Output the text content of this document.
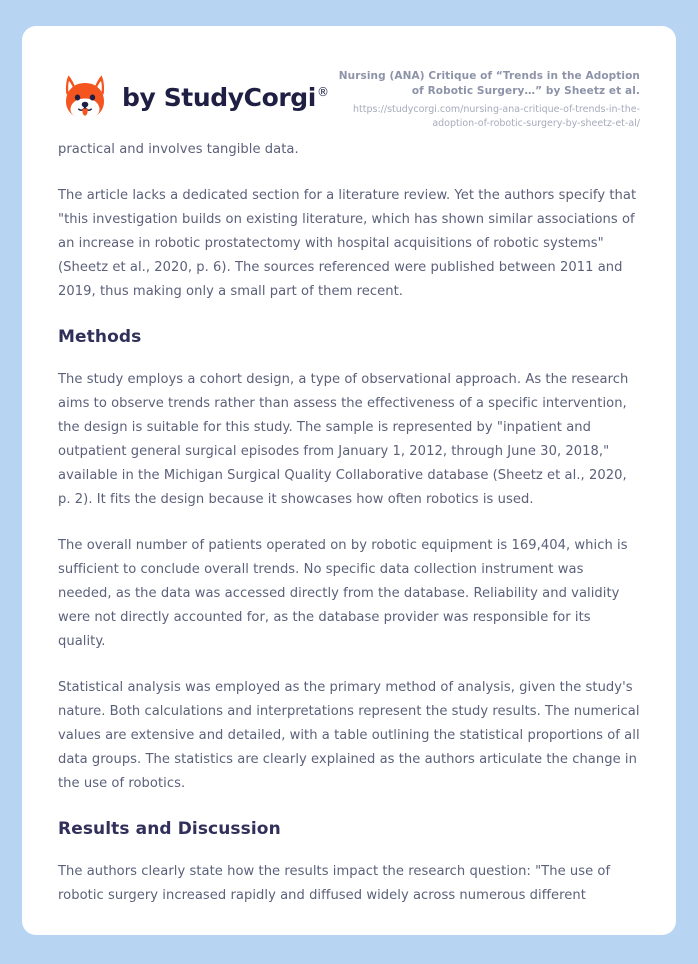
by StudyCorgi®
Nursing (ANA) Critique of “Trends in the Adoption of Robotic Surgery…” by Sheetz et al.
https://studycorgi.com/nursing-ana-critique-of-trends-in-the-adoption-of-robotic-surgery-by-sheetz-et-al/

practical and involves tangible data.

The article lacks a dedicated section for a literature review. Yet the authors specify that "this investigation builds on existing literature, which has shown similar associations of an increase in robotic prostatectomy with hospital acquisitions of robotic systems" (Sheetz et al., 2020, p. 6). The sources referenced were published between 2011 and 2019, thus making only a small part of them recent.

Methods

The study employs a cohort design, a type of observational approach. As the research aims to observe trends rather than assess the effectiveness of a specific intervention, the design is suitable for this study. The sample is represented by "inpatient and outpatient general surgical episodes from January 1, 2012, through June 30, 2018," available in the Michigan Surgical Quality Collaborative database (Sheetz et al., 2020, p. 2). It fits the design because it showcases how often robotics is used.

The overall number of patients operated on by robotic equipment is 169,404, which is sufficient to conclude overall trends. No specific data collection instrument was needed, as the data was accessed directly from the database. Reliability and validity were not directly accounted for, as the database provider was responsible for its quality.

Statistical analysis was employed as the primary method of analysis, given the study's nature. Both calculations and interpretations represent the study results. The numerical values are extensive and detailed, with a table outlining the statistical proportions of all data groups. The statistics are clearly explained as the authors articulate the change in the use of robotics.

Results and Discussion

The authors clearly state how the results impact the research question: "The use of robotic surgery increased rapidly and diffused widely across numerous different
